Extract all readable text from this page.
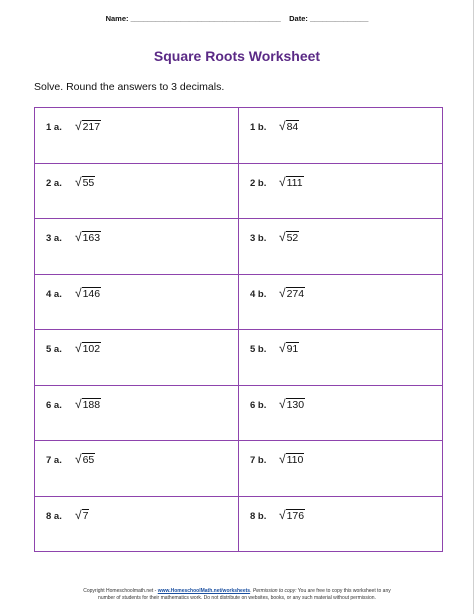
Name: ____________________________________ Date: ______________
Square Roots Worksheet
Solve. Round the answers to 3 decimals.
1 a. √217	1 b. √84
2 a. √55	2 b. √111
3 a. √163	3 b. √52
4 a. √146	4 b. √274
5 a. √102	5 b. √91
6 a. √188	6 b. √130
7 a. √65	7 b. √110
8 a. √7	8 b. √176
Copyright Homeschoolmath.net - www.HomeschoolMath.net/worksheets. Permission to copy: You are free to copy this worksheet to any
number of students for their mathematics work. Do not distribute on websites, books, or any such material without permission.
